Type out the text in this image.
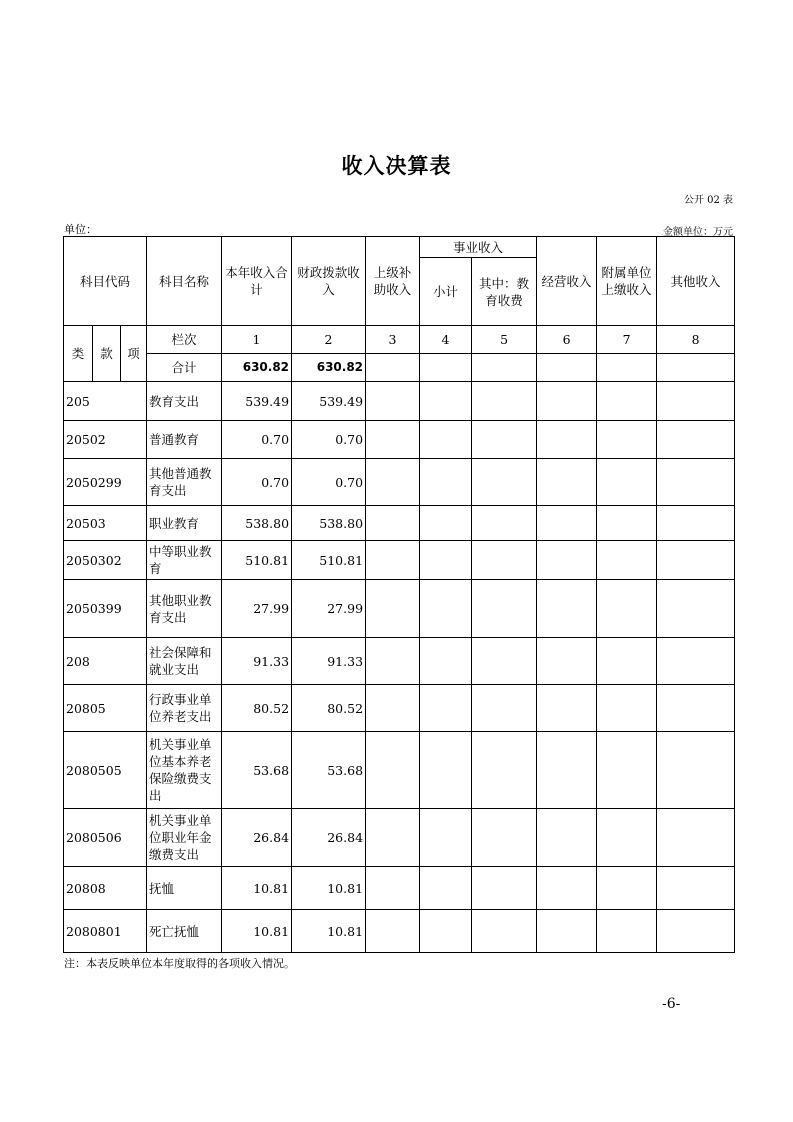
收入决算表
公开 02 表
单位：	金额单位：万元
科目代码			科目名称	本年收入合计	财政拨款收入	上级补助收入	事业收入		经营收入	附属单位上缴收入	其他收入
							小计	其中：教育收费			
类	款	项	栏次	1	2	3	4	5	6	7	8
			合计	630.82	630.82						
205			教育支出	539.49	539.49						
20502			普通教育	0.70	0.70						
2050299			其他普通教育支出	0.70	0.70						
20503			职业教育	538.80	538.80						
2050302			中等职业教育	510.81	510.81						
2050399			其他职业教育支出	27.99	27.99						
208			社会保障和就业支出	91.33	91.33						
20805			行政事业单位养老支出	80.52	80.52						
2080505			机关事业单位基本养老保险缴费支出	53.68	53.68						
2080506			机关事业单位职业年金缴费支出	26.84	26.84						
20808			抚恤	10.81	10.81						
2080801			死亡抚恤	10.81	10.81						
注：本表反映单位本年度取得的各项收入情况。
-6-
